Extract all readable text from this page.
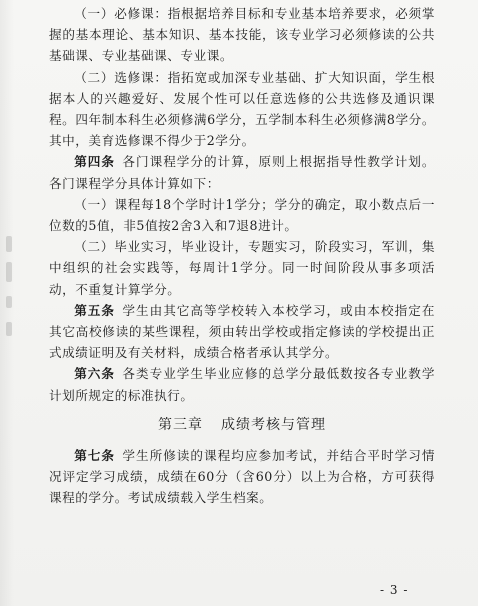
（一）必修课：指根据培养目标和专业基本培养要求，必须掌握的基本理论、基本知识、基本技能，该专业学习必须修读的公共基础课、专业基础课、专业课。

（二）选修课：指拓宽或加深专业基础、扩大知识面，学生根据本人的兴趣爱好、发展个性可以任意选修的公共选修及通识课程。四年制本科生必须修满6学分，五学制本科生必须修满8学分。其中，美育选修课不得少于2学分。

第四条  各门课程学分的计算，原则上根据指导性教学计划。各门课程学分具体计算如下：

（一）课程每18个学时计1学分；学分的确定，取小数点后一位数的5值，非5值按2舍3入和7退8进计。

（二）毕业实习，毕业设计，专题实习，阶段实习，军训，集中组织的社会实践等，每周计1学分。同一时间阶段从事多项活动，不重复计算学分。

第五条  学生由其它高等学校转入本校学习，或由本校指定在其它高校修读的某些课程，须由转出学校或指定修读的学校提出正式成绩证明及有关材料，成绩合格者承认其学分。

第六条  各类专业学生毕业应修的总学分最低数按各专业教学计划所规定的标准执行。

第三章 成绩考核与管理

第七条  学生所修读的课程均应参加考试，并结合平时学习情况评定学习成绩，成绩在60分（含60分）以上为合格，方可获得课程的学分。考试成绩载入学生档案。

- 3 -
